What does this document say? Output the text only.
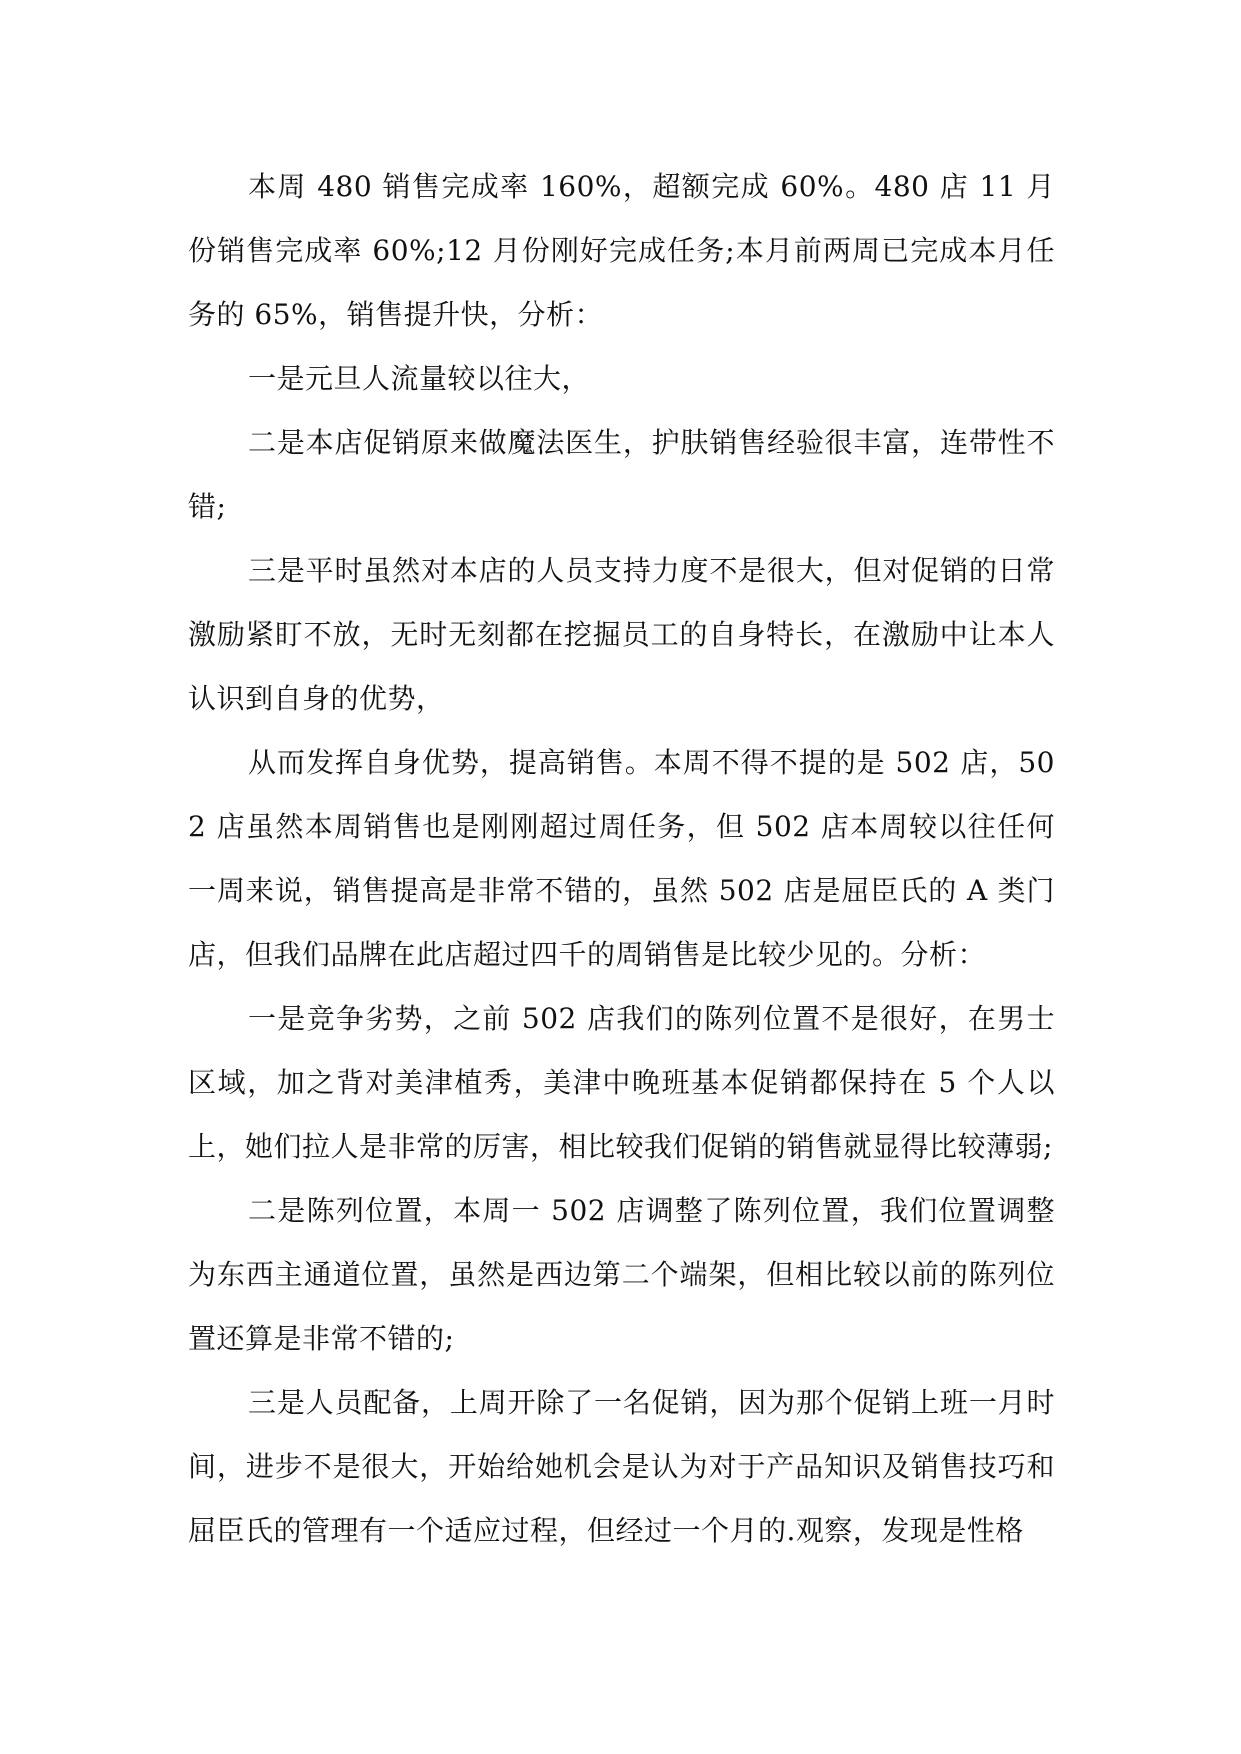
本周 480 销售完成率 160%，超额完成 60%。480 店 11 月份销售完成率 60%;12 月份刚好完成任务;本月前两周已完成本月任务的 65%，销售提升快，分析：

一是元旦人流量较以往大，

二是本店促销原来做魔法医生，护肤销售经验很丰富，连带性不错;

三是平时虽然对本店的人员支持力度不是很大，但对促销的日常激励紧盯不放，无时无刻都在挖掘员工的自身特长，在激励中让本人认识到自身的优势，

从而发挥自身优势，提高销售。本周不得不提的是 502 店，502 店虽然本周销售也是刚刚超过周任务，但 502 店本周较以往任何一周来说，销售提高是非常不错的，虽然 502 店是屈臣氏的 A 类门店，但我们品牌在此店超过四千的周销售是比较少见的。分析：

一是竞争劣势，之前 502 店我们的陈列位置不是很好，在男士区域，加之背对美津植秀，美津中晚班基本促销都保持在 5 个人以上，她们拉人是非常的厉害，相比较我们促销的销售就显得比较薄弱;

二是陈列位置，本周一 502 店调整了陈列位置，我们位置调整为东西主通道位置，虽然是西边第二个端架，但相比较以前的陈列位置还算是非常不错的;

三是人员配备，上周开除了一名促销，因为那个促销上班一月时间，进步不是很大，开始给她机会是认为对于产品知识及销售技巧和屈臣氏的管理有一个适应过程，但经过一个月的.观察，发现是性格
